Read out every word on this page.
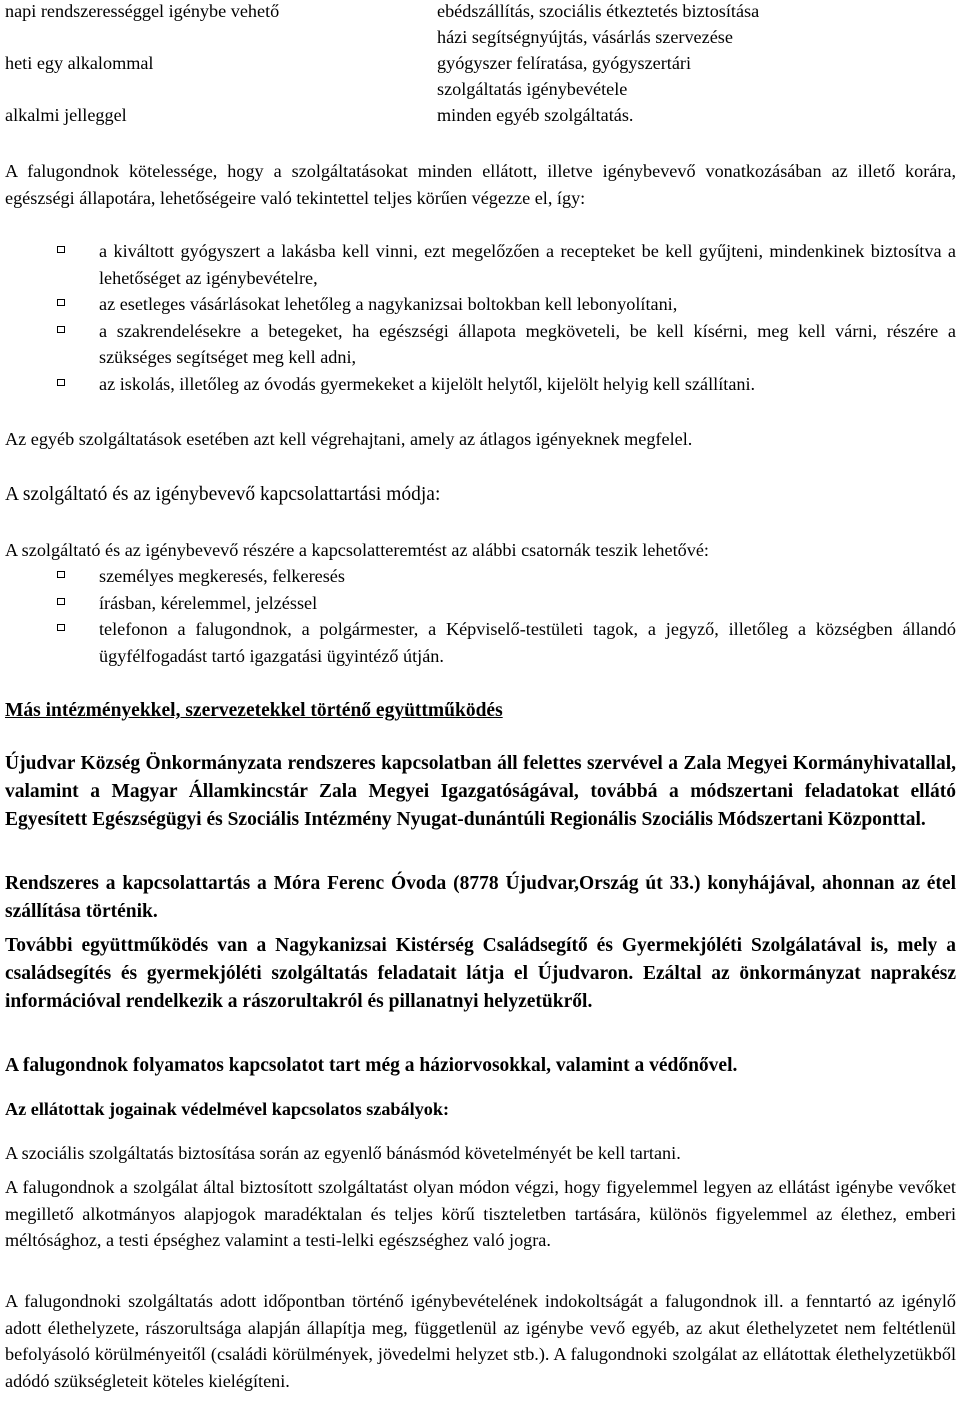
napi rendszerességgel igénybe vehető	ebédszállítás, szociális étkeztetés biztosítása
házi segítségnyújtás, vásárlás szervezése
heti egy alkalommal	gyógyszer felíratása, gyógyszertári
szolgáltatás igénybevétele
alkalmi jelleggel	minden egyéb szolgáltatás.
A falugondnok kötelessége, hogy a szolgáltatásokat minden ellátott, illetve igénybevevő vonatkozásában az illető korára, egészségi állapotára, lehetőségeire való tekintettel teljes körűen végezze el, így:
a kiváltott gyógyszert a lakásba kell vinni, ezt megelőzően a recepteket be kell gyűjteni, mindenkinek biztosítva a lehetőséget az igénybevételre,
az esetleges vásárlásokat lehetőleg a nagykanizsai boltokban kell lebonyolítani,
a szakrendelésekre a betegeket, ha egészségi állapota megköveteli, be kell kísérni, meg kell várni, részére a szükséges segítséget meg kell adni,
az iskolás, illetőleg az óvodás gyermekeket a kijelölt helytől, kijelölt helyig kell szállítani.
Az egyéb szolgáltatások esetében azt kell végrehajtani, amely az átlagos igényeknek megfelel.
A szolgáltató és az igénybevevő kapcsolattartási módja:
A szolgáltató és az igénybevevő részére a kapcsolatteremtést az alábbi csatornák teszik lehetővé:
személyes megkeresés, felkeresés
írásban, kérelemmel, jelzéssel
telefonon a falugondnok, a polgármester, a Képviselő-testületi tagok, a jegyző, illetőleg a községben állandó ügyfélfogadást tartó igazgatási ügyintéző útján.
Más intézményekkel, szervezetekkel történő együttműködés
Újudvar Község Önkormányzata rendszeres kapcsolatban áll felettes szervével a Zala Megyei Kormányhivatallal, valamint a Magyar Államkincstár Zala Megyei Igazgatóságával, továbbá a módszertani feladatokat ellátó Egyesített Egészségügyi és Szociális Intézmény Nyugat-dunántúli Regionális Szociális Módszertani Központtal.
Rendszeres a kapcsolattartás a Móra Ferenc Óvoda (8778 Újudvar,Ország út 33.) konyhájával, ahonnan az étel szállítása történik.
További együttműködés van a Nagykanizsai Kistérség Családsegítő és Gyermekjóléti Szolgálatával is, mely a családsegítés és gyermekjóléti szolgáltatás feladatait látja el Újudvaron. Ezáltal az önkormányzat naprakész információval rendelkezik a rászorultakról és pillanatnyi helyzetükről.
A falugondnok folyamatos kapcsolatot tart még a háziorvosokkal, valamint a védőnővel.
Az ellátottak jogainak védelmével kapcsolatos szabályok:
A szociális szolgáltatás biztosítása során az egyenlő bánásmód követelményét be kell tartani.
A falugondnok a szolgálat által biztosított szolgáltatást olyan módon végzi, hogy figyelemmel legyen az ellátást igénybe vevőket megillető alkotmányos alapjogok maradéktalan és teljes körű tiszteletben tartására, különös figyelemmel az élethez, emberi méltósághoz, a testi épséghez valamint a testi-lelki egészséghez való jogra.
A falugondnoki szolgáltatás adott időpontban történő igénybevételének indokoltságát a falugondnok ill. a fenntartó az igénylő adott élethelyzete, rászorultsága alapján állapítja meg, függetlenül az igénybe vevő egyéb, az akut élethelyzetet nem feltétlenül befolyásoló körülményeitől (családi körülmények, jövedelmi helyzet stb.). A falugondnoki szolgálat az ellátottak élethelyzetükből adódó szükségleteit köteles kielégíteni.
